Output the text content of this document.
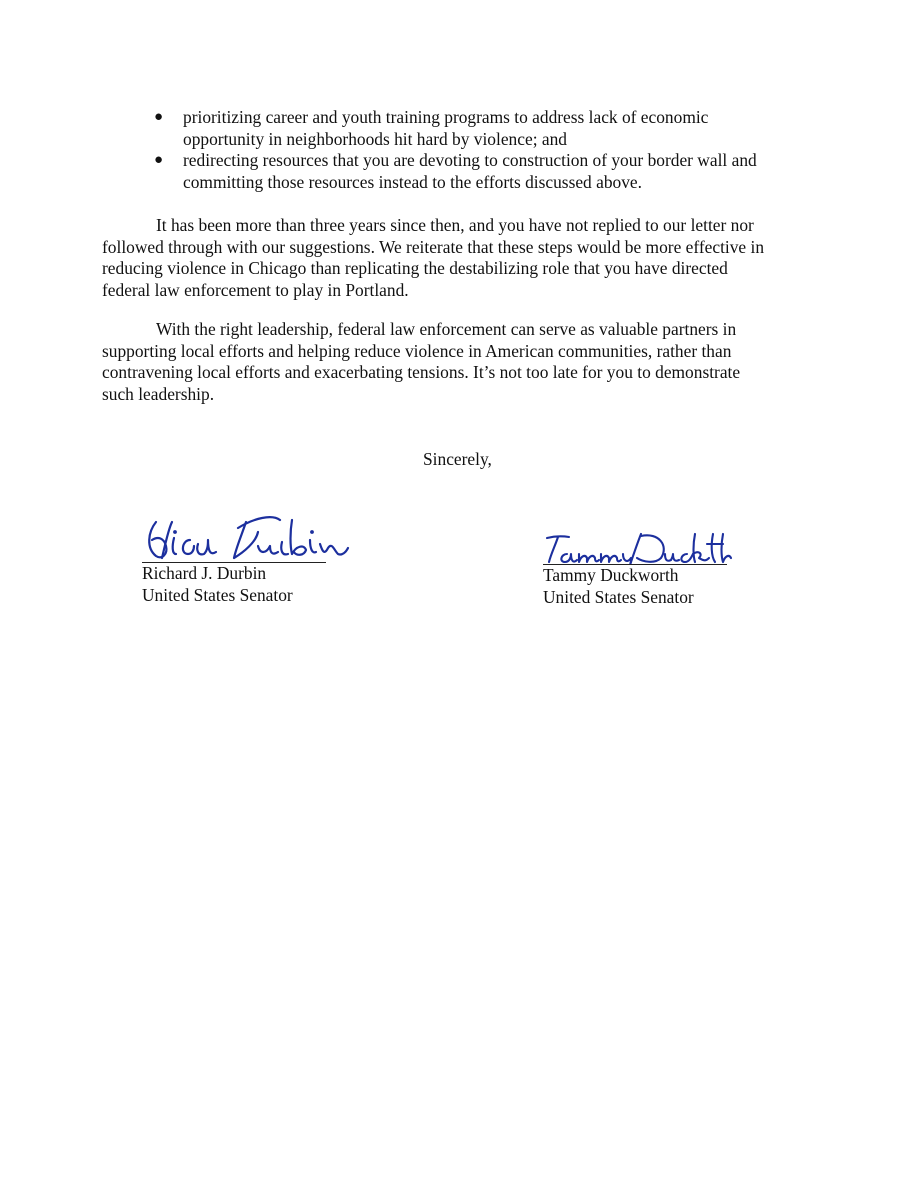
● prioritizing career and youth training programs to address lack of economic
opportunity in neighborhoods hit hard by violence; and
● redirecting resources that you are devoting to construction of your border wall and
committing those resources instead to the efforts discussed above.

It has been more than three years since then, and you have not replied to our letter nor
followed through with our suggestions. We reiterate that these steps would be more effective in
reducing violence in Chicago than replicating the destabilizing role that you have directed
federal law enforcement to play in Portland.

With the right leadership, federal law enforcement can serve as valuable partners in
supporting local efforts and helping reduce violence in American communities, rather than
contravening local efforts and exacerbating tensions. It’s not too late for you to demonstrate
such leadership.

Sincerely,
Richard J. Durbin
United States Senator
Tammy Duckworth
United States Senator
